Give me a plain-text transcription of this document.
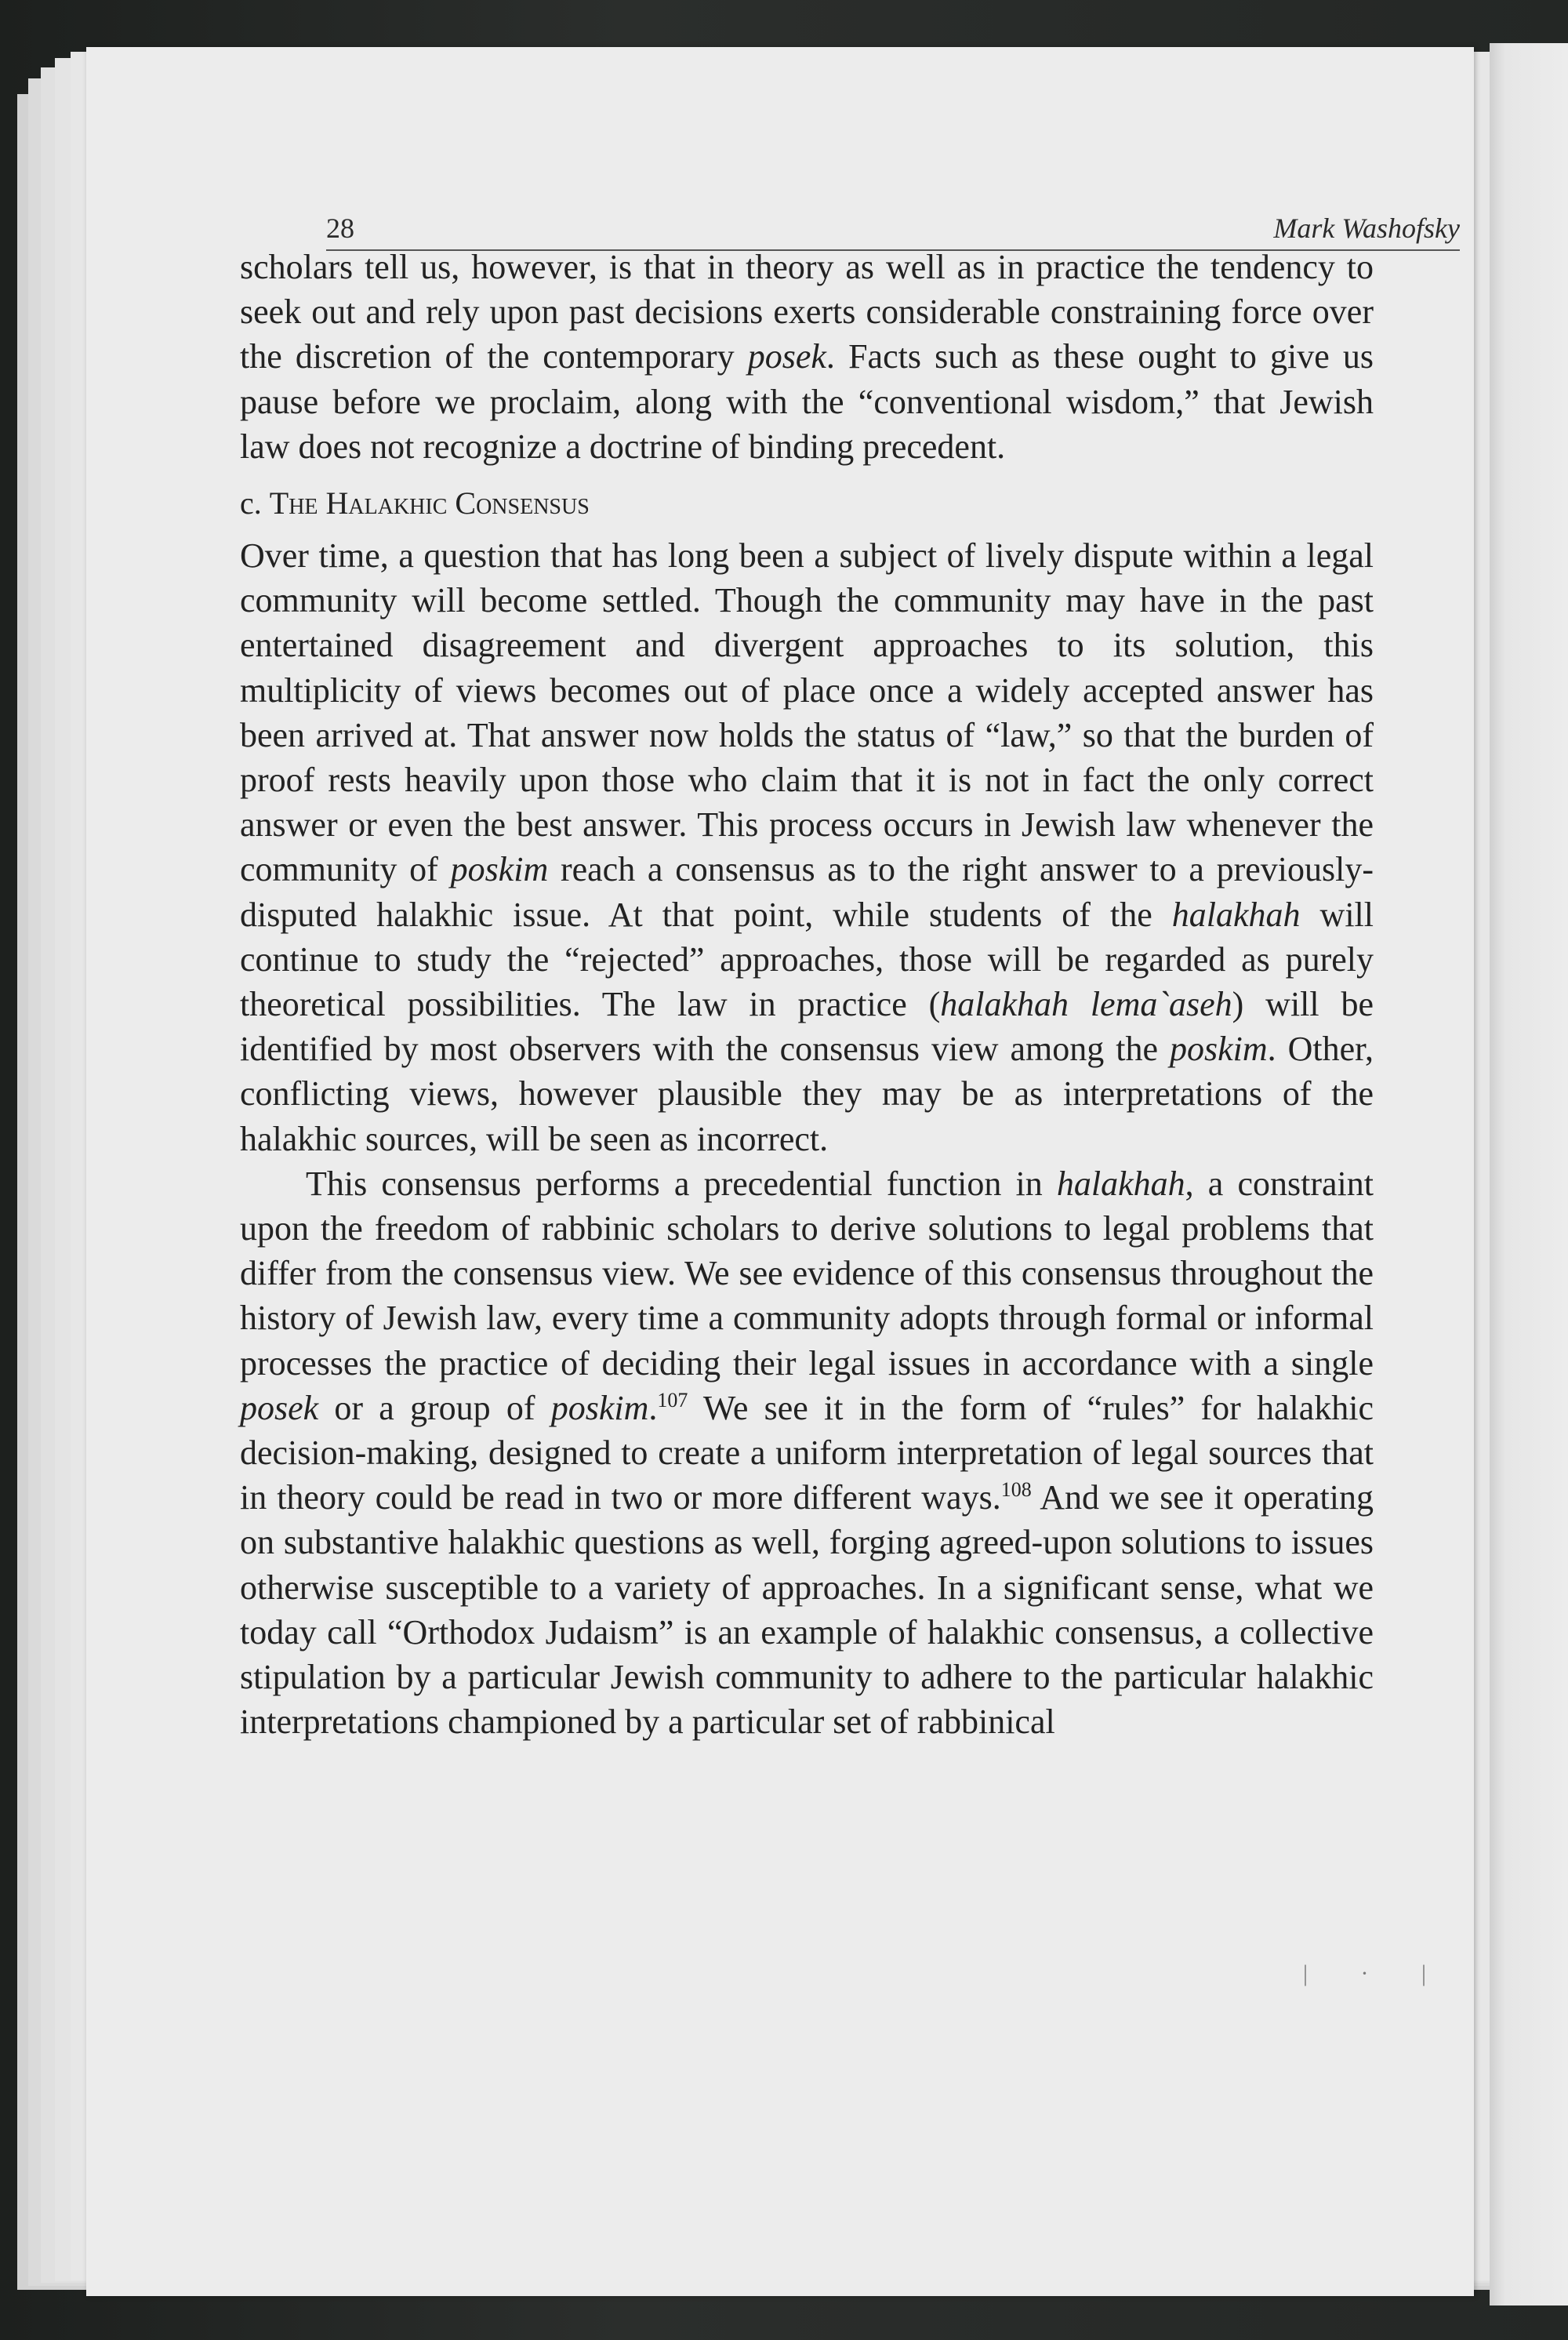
28	Mark Washofsky
| · |

scholars tell us, however, is that in theory as well as in practice the tendency to seek out and rely upon past decisions exerts considerable constraining force over the discretion of the contemporary posek. Facts such as these ought to give us pause before we proclaim, along with the “conventional wisdom,” that Jewish law does not recognize a doctrine of binding precedent.

c. The Halakhic Consensus

Over time, a question that has long been a subject of lively dispute within a legal community will become settled. Though the community may have in the past entertained disagreement and divergent approaches to its solution, this multiplicity of views becomes out of place once a widely accepted answer has been arrived at. That answer now holds the status of “law,” so that the burden of proof rests heavily upon those who claim that it is not in fact the only correct answer or even the best answer. This process occurs in Jewish law whenever the community of poskim reach a consensus as to the right answer to a previously-disputed halakhic issue. At that point, while students of the halakhah will continue to study the “rejected” approaches, those will be regarded as purely theoretical possibilities. The law in practice (halakhah lema`aseh) will be identified by most observers with the consensus view among the poskim. Other, conflicting views, however plausible they may be as interpretations of the halakhic sources, will be seen as incorrect.

This consensus performs a precedential function in halakhah, a constraint upon the freedom of rabbinic scholars to derive solutions to legal problems that differ from the consensus view. We see evidence of this consensus throughout the history of Jewish law, every time a community adopts through formal or informal processes the practice of deciding their legal issues in accordance with a single posek or a group of poskim.$^{107}$ We see it in the form of “rules” for halakhic decision-making, designed to create a uniform interpretation of legal sources that in theory could be read in two or more different ways.$^{108}$ And we see it operating on substantive halakhic questions as well, forging agreed-upon solutions to issues otherwise susceptible to a variety of approaches. In a significant sense, what we today call “Orthodox Judaism” is an example of halakhic consensus, a collective stipulation by a particular Jewish community to adhere to the particular halakhic interpretations championed by a particular set of rabbinical
